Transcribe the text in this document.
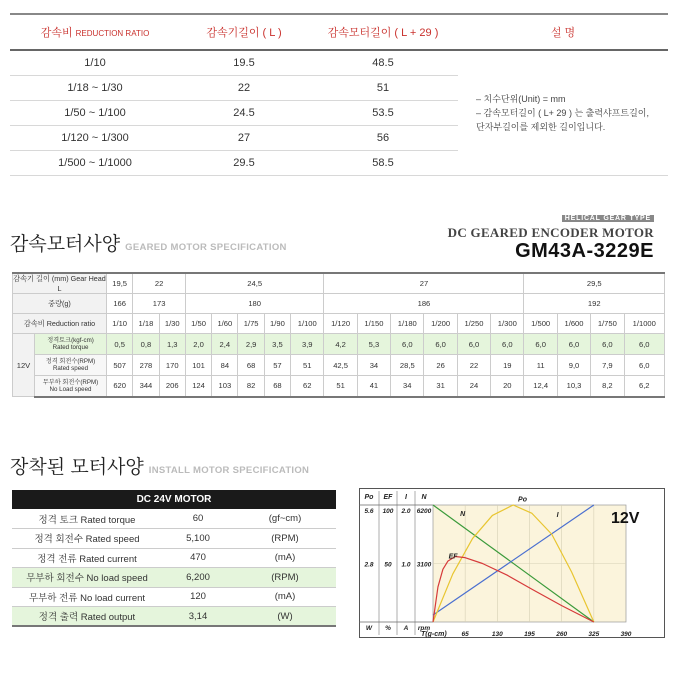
감속비 REDUCTION RATIO	감속기길이 ( L )	감속모터길이 ( L + 29 )	설 명
1/10	19.5	48.5	– 치수단위(Unit) = mm
– 감속모터길이 ( L+ 29 ) 는 출력샤프트길이,
단자부길이를 제외한 길이입니다.

1/18 ~ 1/30	22	51	
1/50 ~ 1/100	24.5	53.5	
1/120 ~ 1/300	27	56	
1/500 ~ 1/1000	29.5	58.5	
감속모터사양 GEARED MOTOR SPECIFICATION
HELICAL GEAR TYPE
DC GEARED ENCODER MOTOR
GM43A-3229E
감속기 길이 (mm) Gear Head L		19,5	22		24,5					27						29,5			
중량(g)		166	173		180					186						192			
감속비 Reduction ratio		1/10	1/18	1/30	1/50	1/60	1/75	1/90	1/100	1/120	1/150	1/180	1/200	1/250	1/300	1/500	1/600	1/750	1/1000
12V	정격토크(kgf-cm)
Rated torque	0,5	0,8	1,3	2,0	2,4	2,9	3,5	3,9	4,2	5,3	6,0	6,0	6,0	6,0	6,0	6,0	6,0	6,0

	정격 회전수(RPM)
Rated speed	507	278	170	101	84	68	57	51	42,5	34	28,5	26	22	19	11	9,0	7,9	6,0

	무부하 회전수(RPM)
No Load speed	620	344	206	124	103	82	68	62	51	41	34	31	24	20	12,4	10,3	8,2	6,2
장착된 모터사양 INSTALL MOTOR SPECIFICATION
DC 24V MOTOR		
정격 토크 Rated torque	60	(gf~cm)
정격 회전수 Rated speed	5,100	(RPM)
정격 전류 Rated current	470	(mA)
무부하 회전수 No load speed	6,200	(RPM)
무부하 전류 No load current	120	(mA)
정격 출력 Rated output	3,14	(W)
Po
5.6
2.8
W
EF
100
50
%
I
2.0
1.0
A
N
6200
3100
rpm
N	I
Po
EF
65	130	195	260	325	390
T(g-cm)
12V
